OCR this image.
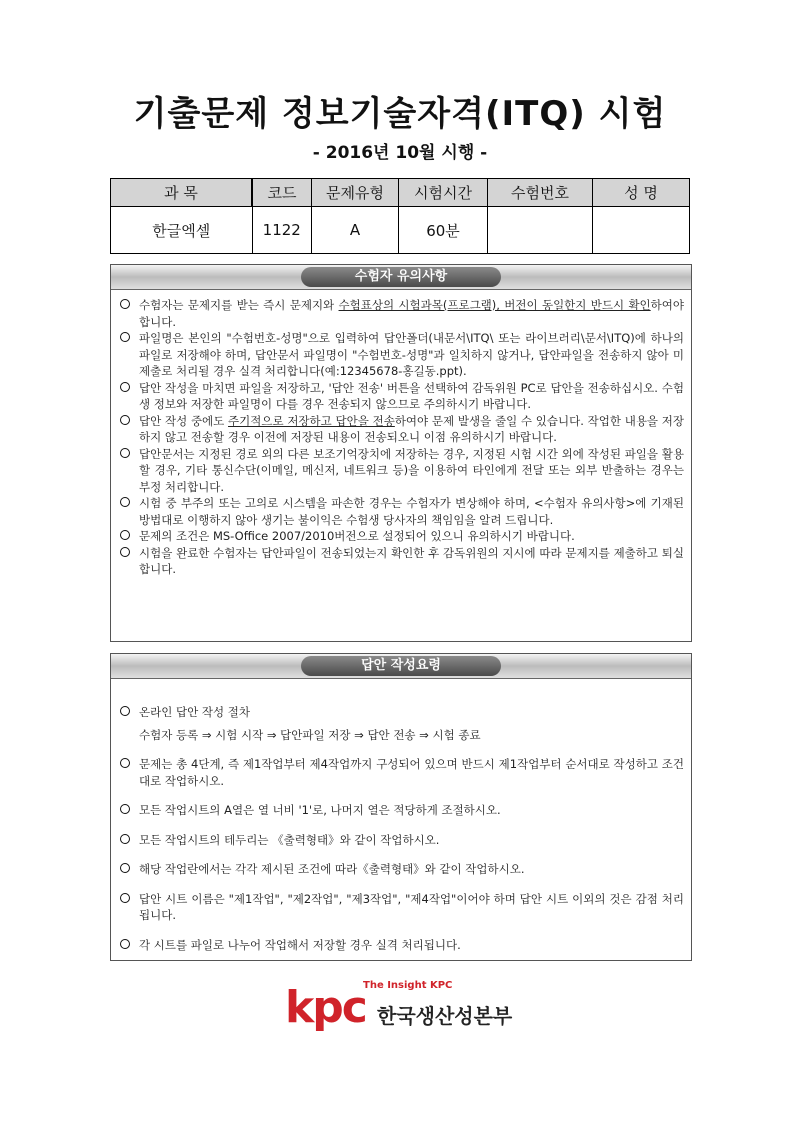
기출문제 정보기술자격(ITQ) 시험
- 2016년 10월 시행 -
과 목	코드	문제유형	시험시간	수험번호	성 명
한글엑셀	1122	A	60분		
수험자 유의사항
수험자는 문제지를 받는 즉시 문제지와 수험표상의 시험과목(프로그램), 버전이 동일한지 반드시 확인하여야 합니다.
파일명은 본인의 "수험번호-성명"으로 입력하여 답안폴더(내문서\ITQ\ 또는 라이브러리\문서\ITQ)에 하나의 파일로 저장해야 하며, 답안문서 파일명이 "수험번호-성명"과 일치하지 않거나, 답안파일을 전송하지 않아 미제출로 처리될 경우 실격 처리합니다(예:12345678-홍길동.ppt).
답안 작성을 마치면 파일을 저장하고, '답안 전송' 버튼을 선택하여 감독위원 PC로 답안을 전송하십시오. 수험생 정보와 저장한 파일명이 다를 경우 전송되지 않으므로 주의하시기 바랍니다.
답안 작성 중에도 주기적으로 저장하고 답안을 전송하여야 문제 발생을 줄일 수 있습니다. 작업한 내용을 저장하지 않고 전송할 경우 이전에 저장된 내용이 전송되오니 이점 유의하시기 바랍니다.
답안문서는 지정된 경로 외의 다른 보조기억장치에 저장하는 경우, 지정된 시험 시간 외에 작성된 파일을 활용할 경우, 기타 통신수단(이메일, 메신저, 네트워크 등)을 이용하여 타인에게 전달 또는 외부 반출하는 경우는 부정 처리합니다.
시험 중 부주의 또는 고의로 시스템을 파손한 경우는 수험자가 변상해야 하며, <수험자 유의사항>에 기재된 방법대로 이행하지 않아 생기는 불이익은 수험생 당사자의 책임임을 알려 드립니다.
문제의 조건은 MS-Office 2007/2010버전으로 설정되어 있으니 유의하시기 바랍니다.
시험을 완료한 수험자는 답안파일이 전송되었는지 확인한 후 감독위원의 지시에 따라 문제지를 제출하고 퇴실합니다.
답안 작성요령
온라인 답안 작성 절차
수험자 등록 ⇒ 시험 시작 ⇒ 답안파일 저장 ⇒ 답안 전송 ⇒ 시험 종료
문제는 총 4단계, 즉 제1작업부터 제4작업까지 구성되어 있으며 반드시 제1작업부터 순서대로 작성하고 조건대로 작업하시오.
모든 작업시트의 A열은 열 너비 '1'로, 나머지 열은 적당하게 조절하시오.
모든 작업시트의 테두리는 《출력형태》와 같이 작업하시오.
해당 작업란에서는 각각 제시된 조건에 따라《출력형태》와 같이 작업하시오.
답안 시트 이름은 "제1작업", "제2작업", "제3작업", "제4작업"이어야 하며 답안 시트 이외의 것은 감점 처리됩니다.
각 시트를 파일로 나누어 작업해서 저장할 경우 실격 처리됩니다.
The Insight KPC
kpc 한국생산성본부
